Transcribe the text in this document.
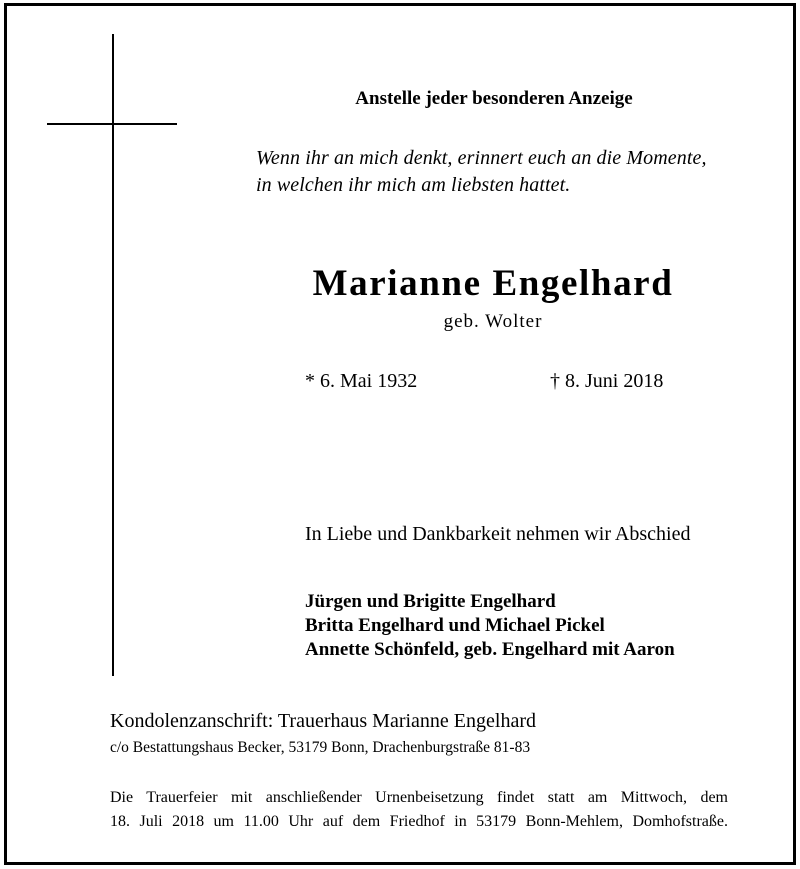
Anstelle jeder besonderen Anzeige
Wenn ihr an mich denkt, erinnert euch an die Momente,
in welchen ihr mich am liebsten hattet.
Marianne Engelhard
geb. Wolter
* 6. Mai 1932	† 8. Juni 2018
In Liebe und Dankbarkeit nehmen wir Abschied
Jürgen und Brigitte Engelhard
Britta Engelhard und Michael Pickel
Annette Schönfeld, geb. Engelhard mit Aaron
Kondolenzanschrift: Trauerhaus Marianne Engelhard
c/o Bestattungshaus Becker, 53179 Bonn, Drachenburgstraße 81-83
Die Trauerfeier mit anschließender Urnenbeisetzung findet statt am Mittwoch, dem
18. Juli 2018 um 11.00 Uhr auf dem Friedhof in 53179 Bonn-Mehlem, Domhofstraße.
